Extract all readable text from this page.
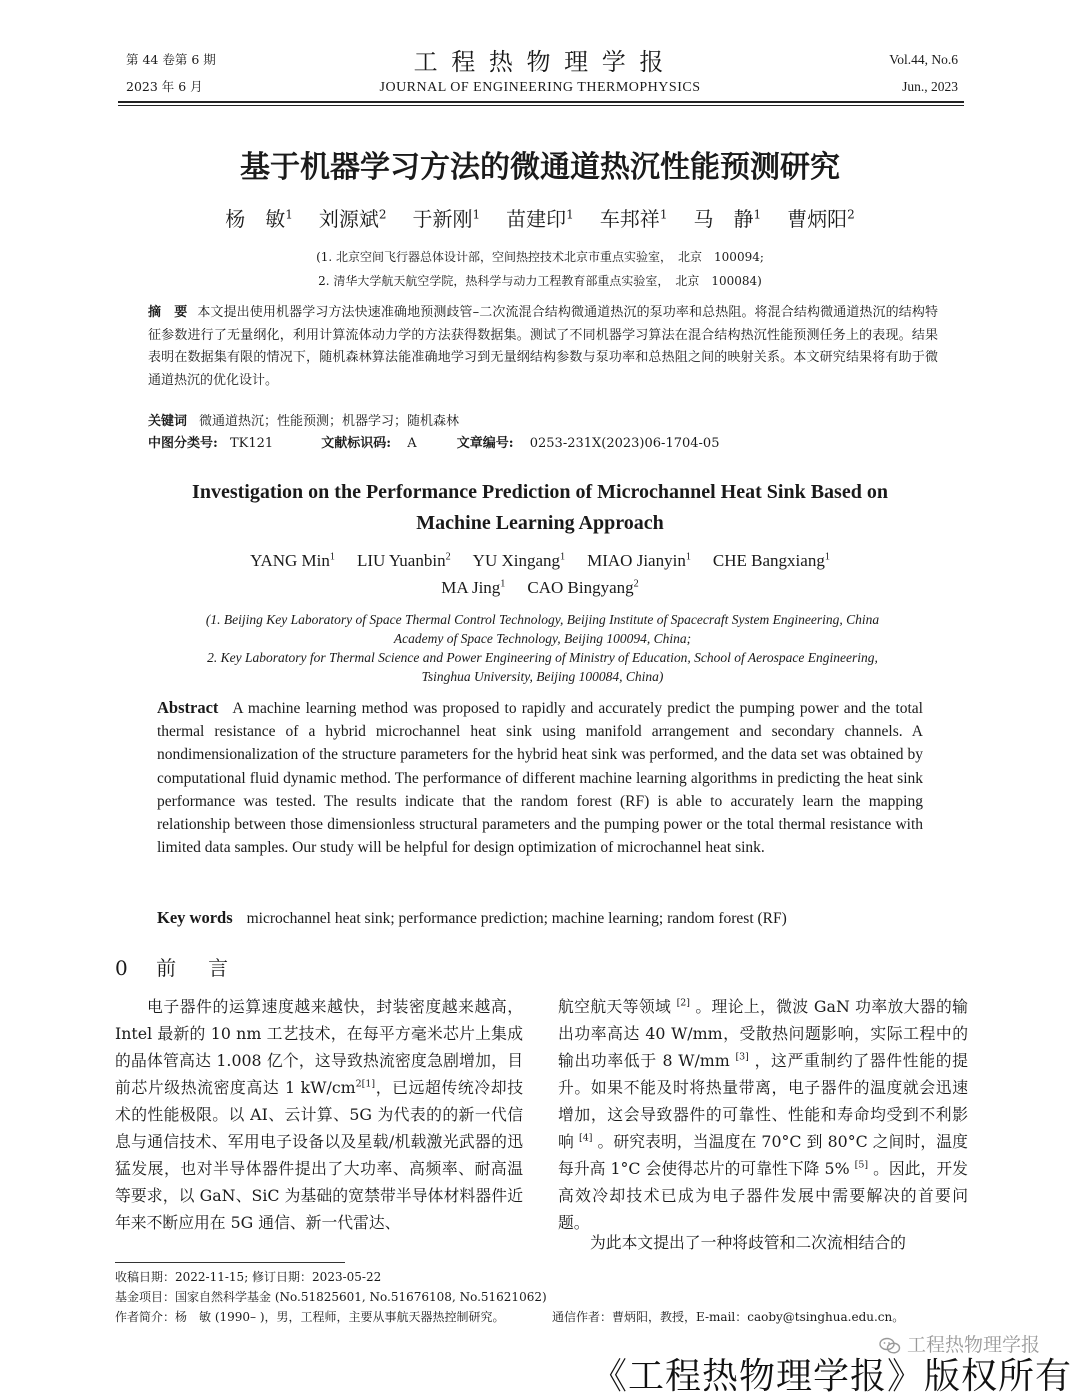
第 44 卷第 6 期
2023 年 6 月
工 程 热 物 理 学 报
JOURNAL OF ENGINEERING THERMOPHYSICS
Vol.44, No.6
Jun., 2023
基于机器学习方法的微通道热沉性能预测研究
杨　敏$^1$ 刘源斌$^2$ 于新刚$^1$ 苗建印$^1$ 车邦祥$^1$ 马　静$^1$ 曹炳阳$^2$
(1. 北京空间飞行器总体设计部，空间热控技术北京市重点实验室，　北京　100094;
2. 清华大学航天航空学院，热科学与动力工程教育部重点实验室，　北京　100084)
摘　要 本文提出使用机器学习方法快速准确地预测歧管–二次流混合结构微通道热沉的泵功率和总热阻。将混合结构微通道热沉的结构特征参数进行了无量纲化，利用计算流体动力学的方法获得数据集。测试了不同机器学习算法在混合结构热沉性能预测任务上的表现。结果表明在数据集有限的情况下，随机森林算法能准确地学习到无量纲结构参数与泵功率和总热阻之间的映射关系。本文研究结果将有助于微通道热沉的优化设计。
关键词 微通道热沉；性能预测；机器学习；随机森林
中图分类号: TK121	文献标识码: A	文章编号: 0253-231X(2023)06-1704-05
Investigation on the Performance Prediction of Microchannel Heat Sink Based on
Machine Learning Approach
YANG Min$^1$ LIU Yuanbin$^2$ YU Xingang$^1$ MIAO Jianyin$^1$ CHE Bangxiang$^1$
MA Jing$^1$ CAO Bingyang$^2$
(1. Beijing Key Laboratory of Space Thermal Control Technology, Beijing Institute of Spacecraft System Engineering, China
Academy of Space Technology, Beijing 100094, China;
2. Key Laboratory for Thermal Science and Power Engineering of Ministry of Education, School of Aerospace Engineering,
Tsinghua University, Beijing 100084, China)
Abstract A machine learning method was proposed to rapidly and accurately predict the pumping power and the total thermal resistance of a hybrid microchannel heat sink using manifold arrangement and secondary channels. A nondimensionalization of the structure parameters for the hybrid heat sink was performed, and the data set was obtained by computational fluid dynamic method. The performance of different machine learning algorithms in predicting the heat sink performance was tested. The results indicate that the random forest (RF) is able to accurately learn the mapping relationship between those dimensionless structural parameters and the pumping power or the total thermal resistance with limited data samples. Our study will be helpful for design optimization of microchannel heat sink.
Key words microchannel heat sink; performance prediction; machine learning; random forest (RF)
0 前　言
电子器件的运算速度越来越快，封装密度越来越高，Intel 最新的 10 nm 工艺技术，在每平方毫米芯片上集成的晶体管高达 1.008 亿个，这导致热流密度急剧增加，目前芯片级热流密度高达 1 $kW/cm^{2[1]}$，已远超传统冷却技术的性能极限。以 AI、云计算、5G 为代表的的新一代信息与通信技术、军用电子设备以及星载/机载激光武器的迅猛发展，也对半导体器件提出了大功率、高频率、耐高温等要求，以 GaN、SiC 为基础的宽禁带半导体材料器件近年来不断应用在 5G 通信、新一代雷达、
航空航天等领域 [2] 。理论上，微波 GaN 功率放大器的输出功率高达 40 W/mm，受散热问题影响，实际工程中的输出功率低于 8 W/mm [3] ，这严重制约了器件性能的提升。如果不能及时将热量带离，电子器件的温度就会迅速增加，这会导致器件的可靠性、性能和寿命均受到不利影响 [4] 。研究表明，当温度在 70°C 到 80°C 之间时，温度每升高 1°C 会使得芯片的可靠性下降 5% [5] 。因此，开发高效冷却技术已成为电子器件发展中需要解决的首要问题。
为此本文提出了一种将歧管和二次流相结合的
收稿日期：2022-11-15; 修订日期：2023-05-22
基金项目：国家自然科学基金 (No.51825601, No.51676108, No.51621062)
作者简介：杨　敏 (1990– )，男，工程师，主要从事航天器热控制研究。	通信作者：曹炳阳，教授，E-mail：caoby@tsinghua.edu.cn。
工程热物理学报
《工程热物理学报》版权所有
